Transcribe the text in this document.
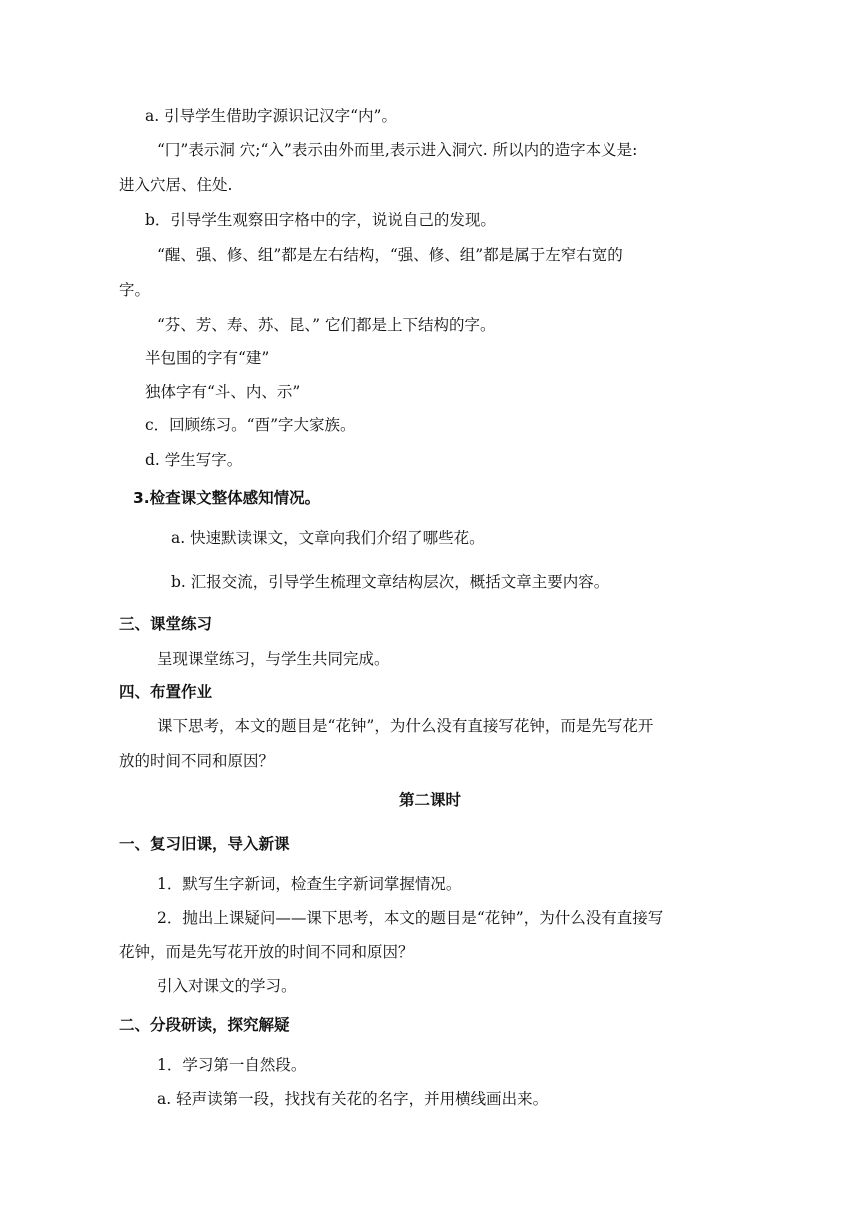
a. 引导学生借助字源识记汉字“内”。
“冂”表示洞 穴;“入”表示由外而里,表示进入洞穴. 所以内的造字本义是:
进入穴居、住处.
b．引导学生观察田字格中的字，说说自己的发现。
“醒、强、修、组”都是左右结构，“强、修、组”都是属于左窄右宽的
字。
“芬、芳、寿、苏、昆、” 它们都是上下结构的字。
半包围的字有“建”
独体字有“斗、内、示”
c．回顾练习。“酉”字大家族。
d. 学生写字。
3.检查课文整体感知情况。
a. 快速默读课文，文章向我们介绍了哪些花。
b. 汇报交流，引导学生梳理文章结构层次，概括文章主要内容。
三、课堂练习
呈现课堂练习，与学生共同完成。
四、布置作业
课下思考，本文的题目是“花钟”，为什么没有直接写花钟，而是先写花开
放的时间不同和原因？
第二课时
一、复习旧课，导入新课
1．默写生字新词，检查生字新词掌握情况。
2．抛出上课疑问——课下思考，本文的题目是“花钟”，为什么没有直接写
花钟，而是先写花开放的时间不同和原因？
引入对课文的学习。
二、分段研读，探究解疑
1．学习第一自然段。
a. 轻声读第一段，找找有关花的名字，并用横线画出来。
